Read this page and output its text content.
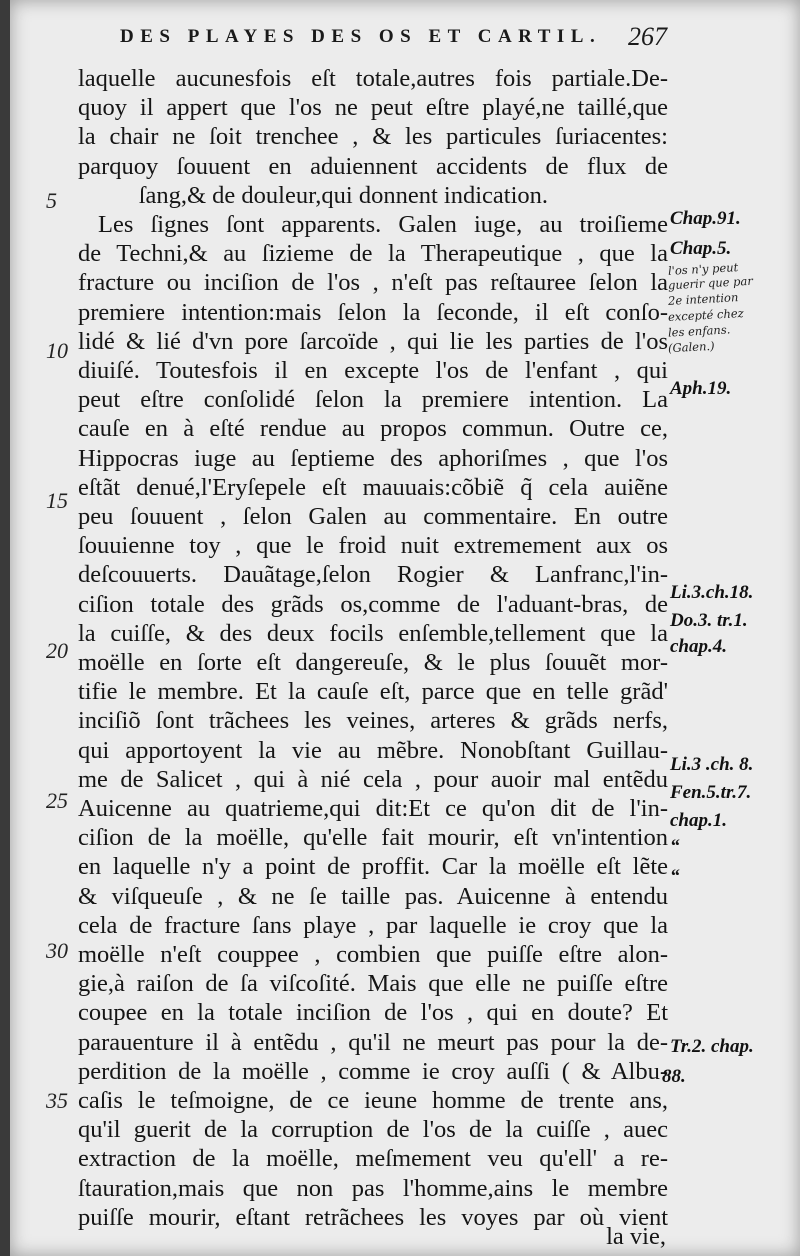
DES PLAYES DES OS ET CARTIL. 267
laquelle aucunesfois eſt totale,autres fois partiale.De-
quoy il appert que l'os ne peut eſtre playé,ne taillé,que
la chair ne ſoit trenchee , & les particules ſuriacentes:
parquoy ſouuent en aduiennent accidents de flux de
ſang,& de douleur,qui donnent indication.
Les ſignes ſont apparents. Galen iuge, au troiſieme
de Techni,& au ſizieme de la Therapeutique , que la
fracture ou inciſion de l'os , n'eſt pas reſtauree ſelon la
premiere intention:mais ſelon la ſeconde, il eſt conſo-
lidé & lié d'vn pore ſarcoïde , qui lie les parties de l'os
diuiſé. Toutesfois il en excepte l'os de l'enfant , qui
peut eſtre conſolidé ſelon la premiere intention. La
cauſe en à eſté rendue au propos commun. Outre ce,
Hippocras iuge au ſeptieme des aphoriſmes , que l'os
eſtãt denué,l'Eryſepele eſt mauuais:cõbiẽ q̃ cela auiẽne
peu ſouuent , ſelon Galen au commentaire. En outre
ſouuienne toy , que le froid nuit extremement aux os
deſcouuerts. Dauãtage,ſelon Rogier & Lanfranc,l'in-
ciſion totale des grãds os,comme de l'aduant-bras, de
la cuiſſe, & des deux focils enſemble,tellement que la
moëlle en ſorte eſt dangereuſe, & le plus ſouuẽt mor-
tifie le membre. Et la cauſe eſt, parce que en telle grãd'
inciſiõ ſont trãchees les veines, arteres & grãds nerfs,
qui apportoyent la vie au mẽbre. Nonobſtant Guillau-
me de Salicet , qui à nié cela , pour auoir mal entẽdu
Auicenne au quatrieme,qui dit:Et ce qu'on dit de l'in-
ciſion de la moëlle, qu'elle fait mourir, eſt vn'intention
en laquelle n'y a point de proffit. Car la moëlle eſt lẽte
& viſqueuſe , & ne ſe taille pas. Auicenne à entendu
cela de fracture ſans playe , par laquelle ie croy que la
moëlle n'eſt couppee , combien que puiſſe eſtre alon-
gie,à raiſon de ſa viſcoſité. Mais que elle ne puiſſe eſtre
coupee en la totale inciſion de l'os , qui en doute? Et
parauenture il à entẽdu , qu'il ne meurt pas pour la de-
perdition de la moëlle , comme ie croy auſſi ( & Albu-
caſis le teſmoigne, de ce ieune homme de trente ans,
qu'il guerit de la corruption de l'os de la cuiſſe , auec
extraction de la moëlle, meſmement veu qu'ell' a re-
ſtauration,mais que non pas l'homme,ains le membre
puiſſe mourir, eſtant retrãchees les voyes par où vient
5
10
15
20
25
30
35
Chap.91.
Chap.5.
Aph.19.
Li.3.ch.18.
Do.3. tr.1.
chap.4.
Li.3 .ch. 8.
Fen.5.tr.7.
chap.1.
“
“
Tr.2. chap.
88.
l'os n'y peut
guerir que par
2e intention
excepté chez
les enfans.
(Galen.)
la vie,
